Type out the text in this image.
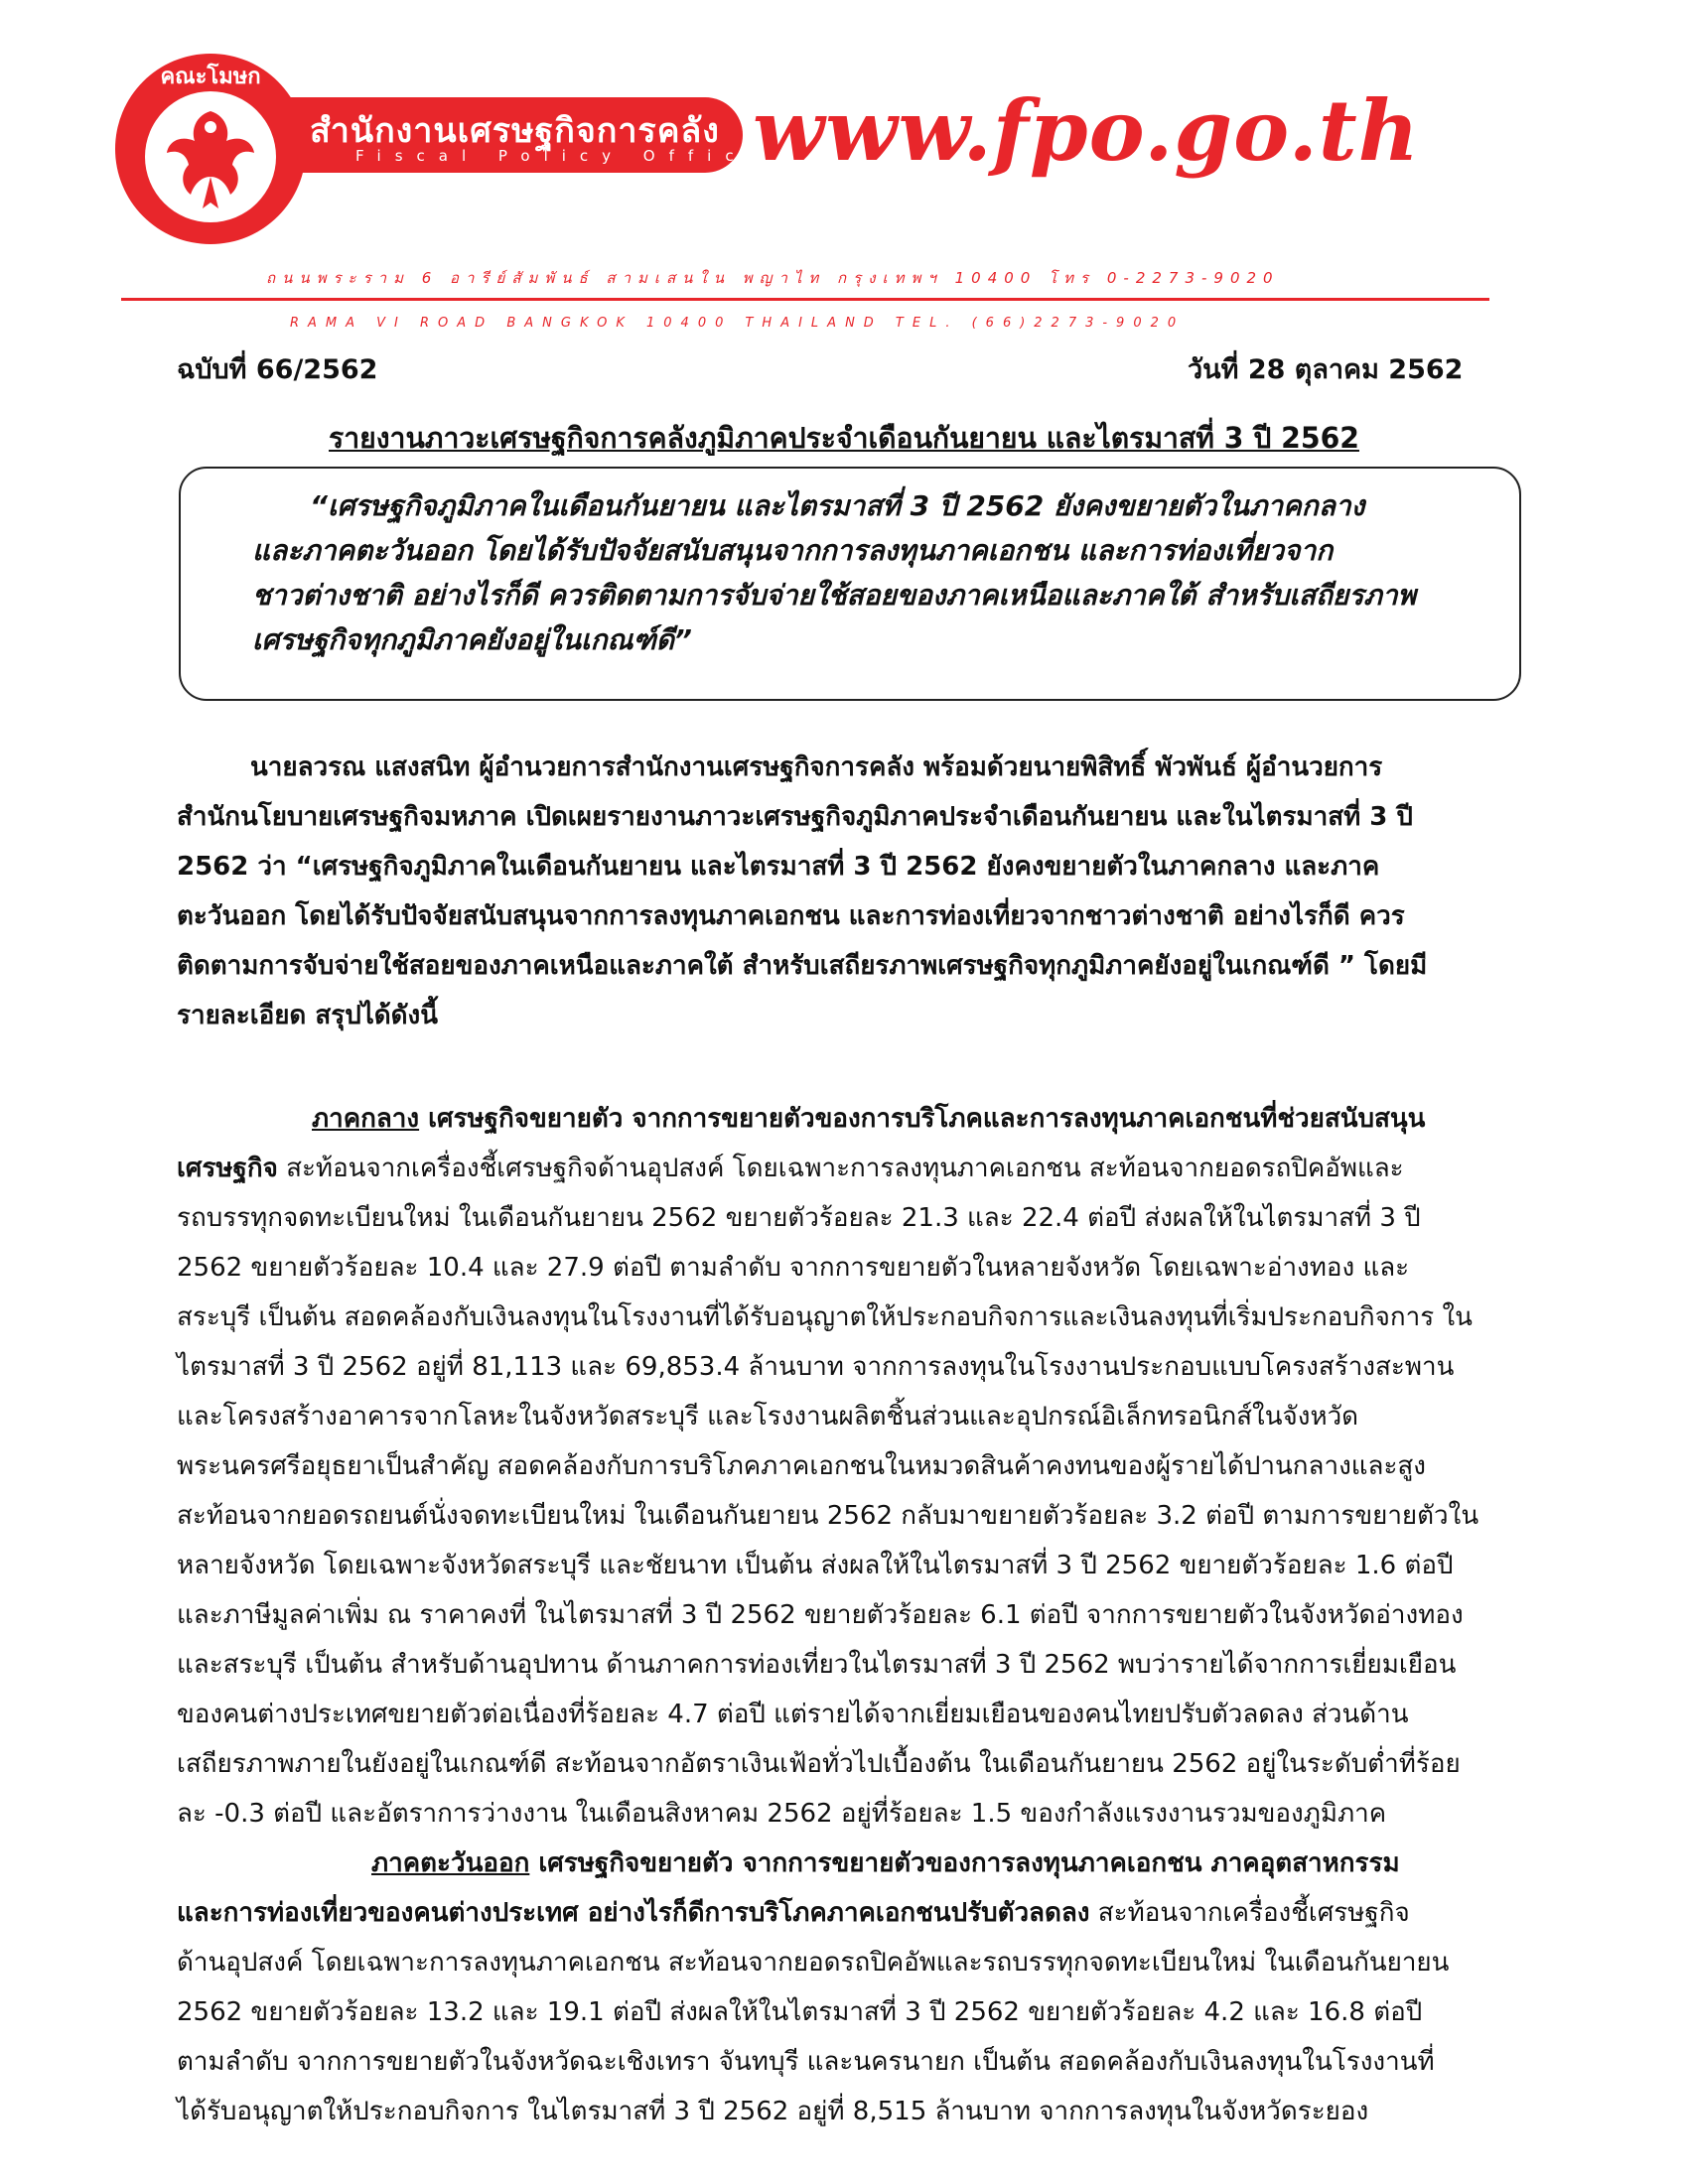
คณะโมษก
สำนักงานเศรษฐกิจการคลัง
Fiscal Policy Office
www.fpo.go.th
ถนนพระราม 6 อารีย์สัมพันธ์ สามเสนใน พญาไท กรุงเทพฯ 10400 โทร 0-2273-9020
RAMA VI ROAD BANGKOK 10400 THAILAND TEL. (66)2273-9020
ฉบับที่ 66/2562	วันที่ 28 ตุลาคม 2562
รายงานภาวะเศรษฐกิจการคลังภูมิภาคประจำเดือนกันยายน และไตรมาสที่ 3 ปี 2562
“เศรษฐกิจภูมิภาคในเดือนกันยายน และไตรมาสที่ 3 ปี 2562 ยังคงขยายตัวในภาคกลาง
และภาคตะวันออก โดยได้รับปัจจัยสนับสนุนจากการลงทุนภาคเอกชน และการท่องเที่ยวจาก
ชาวต่างชาติ อย่างไรก็ดี ควรติดตามการจับจ่ายใช้สอยของภาคเหนือและภาคใต้ สำหรับเสถียรภาพ
เศรษฐกิจทุกภูมิภาคยังอยู่ในเกณฑ์ดี”
นายลวรณ แสงสนิท ผู้อำนวยการสำนักงานเศรษฐกิจการคลัง พร้อมด้วยนายพิสิทธิ์ พัวพันธ์ ผู้อำนวยการ
สำนักนโยบายเศรษฐกิจมหภาค เปิดเผยรายงานภาวะเศรษฐกิจภูมิภาคประจำเดือนกันยายน และในไตรมาสที่ 3 ปี
2562 ว่า “เศรษฐกิจภูมิภาคในเดือนกันยายน และไตรมาสที่ 3 ปี 2562 ยังคงขยายตัวในภาคกลาง และภาค
ตะวันออก โดยได้รับปัจจัยสนับสนุนจากการลงทุนภาคเอกชน และการท่องเที่ยวจากชาวต่างชาติ อย่างไรก็ดี ควร
ติดตามการจับจ่ายใช้สอยของภาคเหนือและภาคใต้ สำหรับเสถียรภาพเศรษฐกิจทุกภูมิภาคยังอยู่ในเกณฑ์ดี ” โดยมี
รายละเอียด สรุปได้ดังนี้
ภาคกลาง เศรษฐกิจขยายตัว จากการขยายตัวของการบริโภคและการลงทุนภาคเอกชนที่ช่วยสนับสนุน
เศรษฐกิจ สะท้อนจากเครื่องชี้เศรษฐกิจด้านอุปสงค์ โดยเฉพาะการลงทุนภาคเอกชน สะท้อนจากยอดรถปิคอัพและ
รถบรรทุกจดทะเบียนใหม่ ในเดือนกันยายน 2562 ขยายตัวร้อยละ 21.3 และ 22.4 ต่อปี ส่งผลให้ในไตรมาสที่ 3 ปี
2562 ขยายตัวร้อยละ 10.4 และ 27.9 ต่อปี ตามลำดับ จากการขยายตัวในหลายจังหวัด โดยเฉพาะอ่างทอง และ
สระบุรี เป็นต้น สอดคล้องกับเงินลงทุนในโรงงานที่ได้รับอนุญาตให้ประกอบกิจการและเงินลงทุนที่เริ่มประกอบกิจการ ใน
ไตรมาสที่ 3 ปี 2562 อยู่ที่ 81,113 และ 69,853.4 ล้านบาท จากการลงทุนในโรงงานประกอบแบบโครงสร้างสะพาน
และโครงสร้างอาคารจากโลหะในจังหวัดสระบุรี และโรงงานผลิตชิ้นส่วนและอุปกรณ์อิเล็กทรอนิกส์ในจังหวัด
พระนครศรีอยุธยาเป็นสำคัญ สอดคล้องกับการบริโภคภาคเอกชนในหมวดสินค้าคงทนของผู้รายได้ปานกลางและสูง
สะท้อนจากยอดรถยนต์นั่งจดทะเบียนใหม่ ในเดือนกันยายน 2562 กลับมาขยายตัวร้อยละ 3.2 ต่อปี ตามการขยายตัวใน
หลายจังหวัด โดยเฉพาะจังหวัดสระบุรี และชัยนาท เป็นต้น ส่งผลให้ในไตรมาสที่ 3 ปี 2562 ขยายตัวร้อยละ 1.6 ต่อปี
และภาษีมูลค่าเพิ่ม ณ ราคาคงที่ ในไตรมาสที่ 3 ปี 2562 ขยายตัวร้อยละ 6.1 ต่อปี จากการขยายตัวในจังหวัดอ่างทอง
และสระบุรี เป็นต้น สำหรับด้านอุปทาน ด้านภาคการท่องเที่ยวในไตรมาสที่ 3 ปี 2562 พบว่ารายได้จากการเยี่ยมเยือน
ของคนต่างประเทศขยายตัวต่อเนื่องที่ร้อยละ 4.7 ต่อปี แต่รายได้จากเยี่ยมเยือนของคนไทยปรับตัวลดลง ส่วนด้าน
เสถียรภาพภายในยังอยู่ในเกณฑ์ดี สะท้อนจากอัตราเงินเฟ้อทั่วไปเบื้องต้น ในเดือนกันยายน 2562 อยู่ในระดับต่ำที่ร้อย
ละ -0.3 ต่อปี และอัตราการว่างงาน ในเดือนสิงหาคม 2562 อยู่ที่ร้อยละ 1.5 ของกำลังแรงงานรวมของภูมิภาค
ภาคตะวันออก เศรษฐกิจขยายตัว จากการขยายตัวของการลงทุนภาคเอกชน ภาคอุตสาหกรรม
และการท่องเที่ยวของคนต่างประเทศ อย่างไรก็ดีการบริโภคภาคเอกชนปรับตัวลดลง สะท้อนจากเครื่องชี้เศรษฐกิจ
ด้านอุปสงค์ โดยเฉพาะการลงทุนภาคเอกชน สะท้อนจากยอดรถปิคอัพและรถบรรทุกจดทะเบียนใหม่ ในเดือนกันยายน
2562 ขยายตัวร้อยละ 13.2 และ 19.1 ต่อปี ส่งผลให้ในไตรมาสที่ 3 ปี 2562 ขยายตัวร้อยละ 4.2 และ 16.8 ต่อปี
ตามลำดับ จากการขยายตัวในจังหวัดฉะเชิงเทรา จันทบุรี และนครนายก เป็นต้น สอดคล้องกับเงินลงทุนในโรงงานที่
ได้รับอนุญาตให้ประกอบกิจการ ในไตรมาสที่ 3 ปี 2562 อยู่ที่ 8,515 ล้านบาท จากการลงทุนในจังหวัดระยอง
